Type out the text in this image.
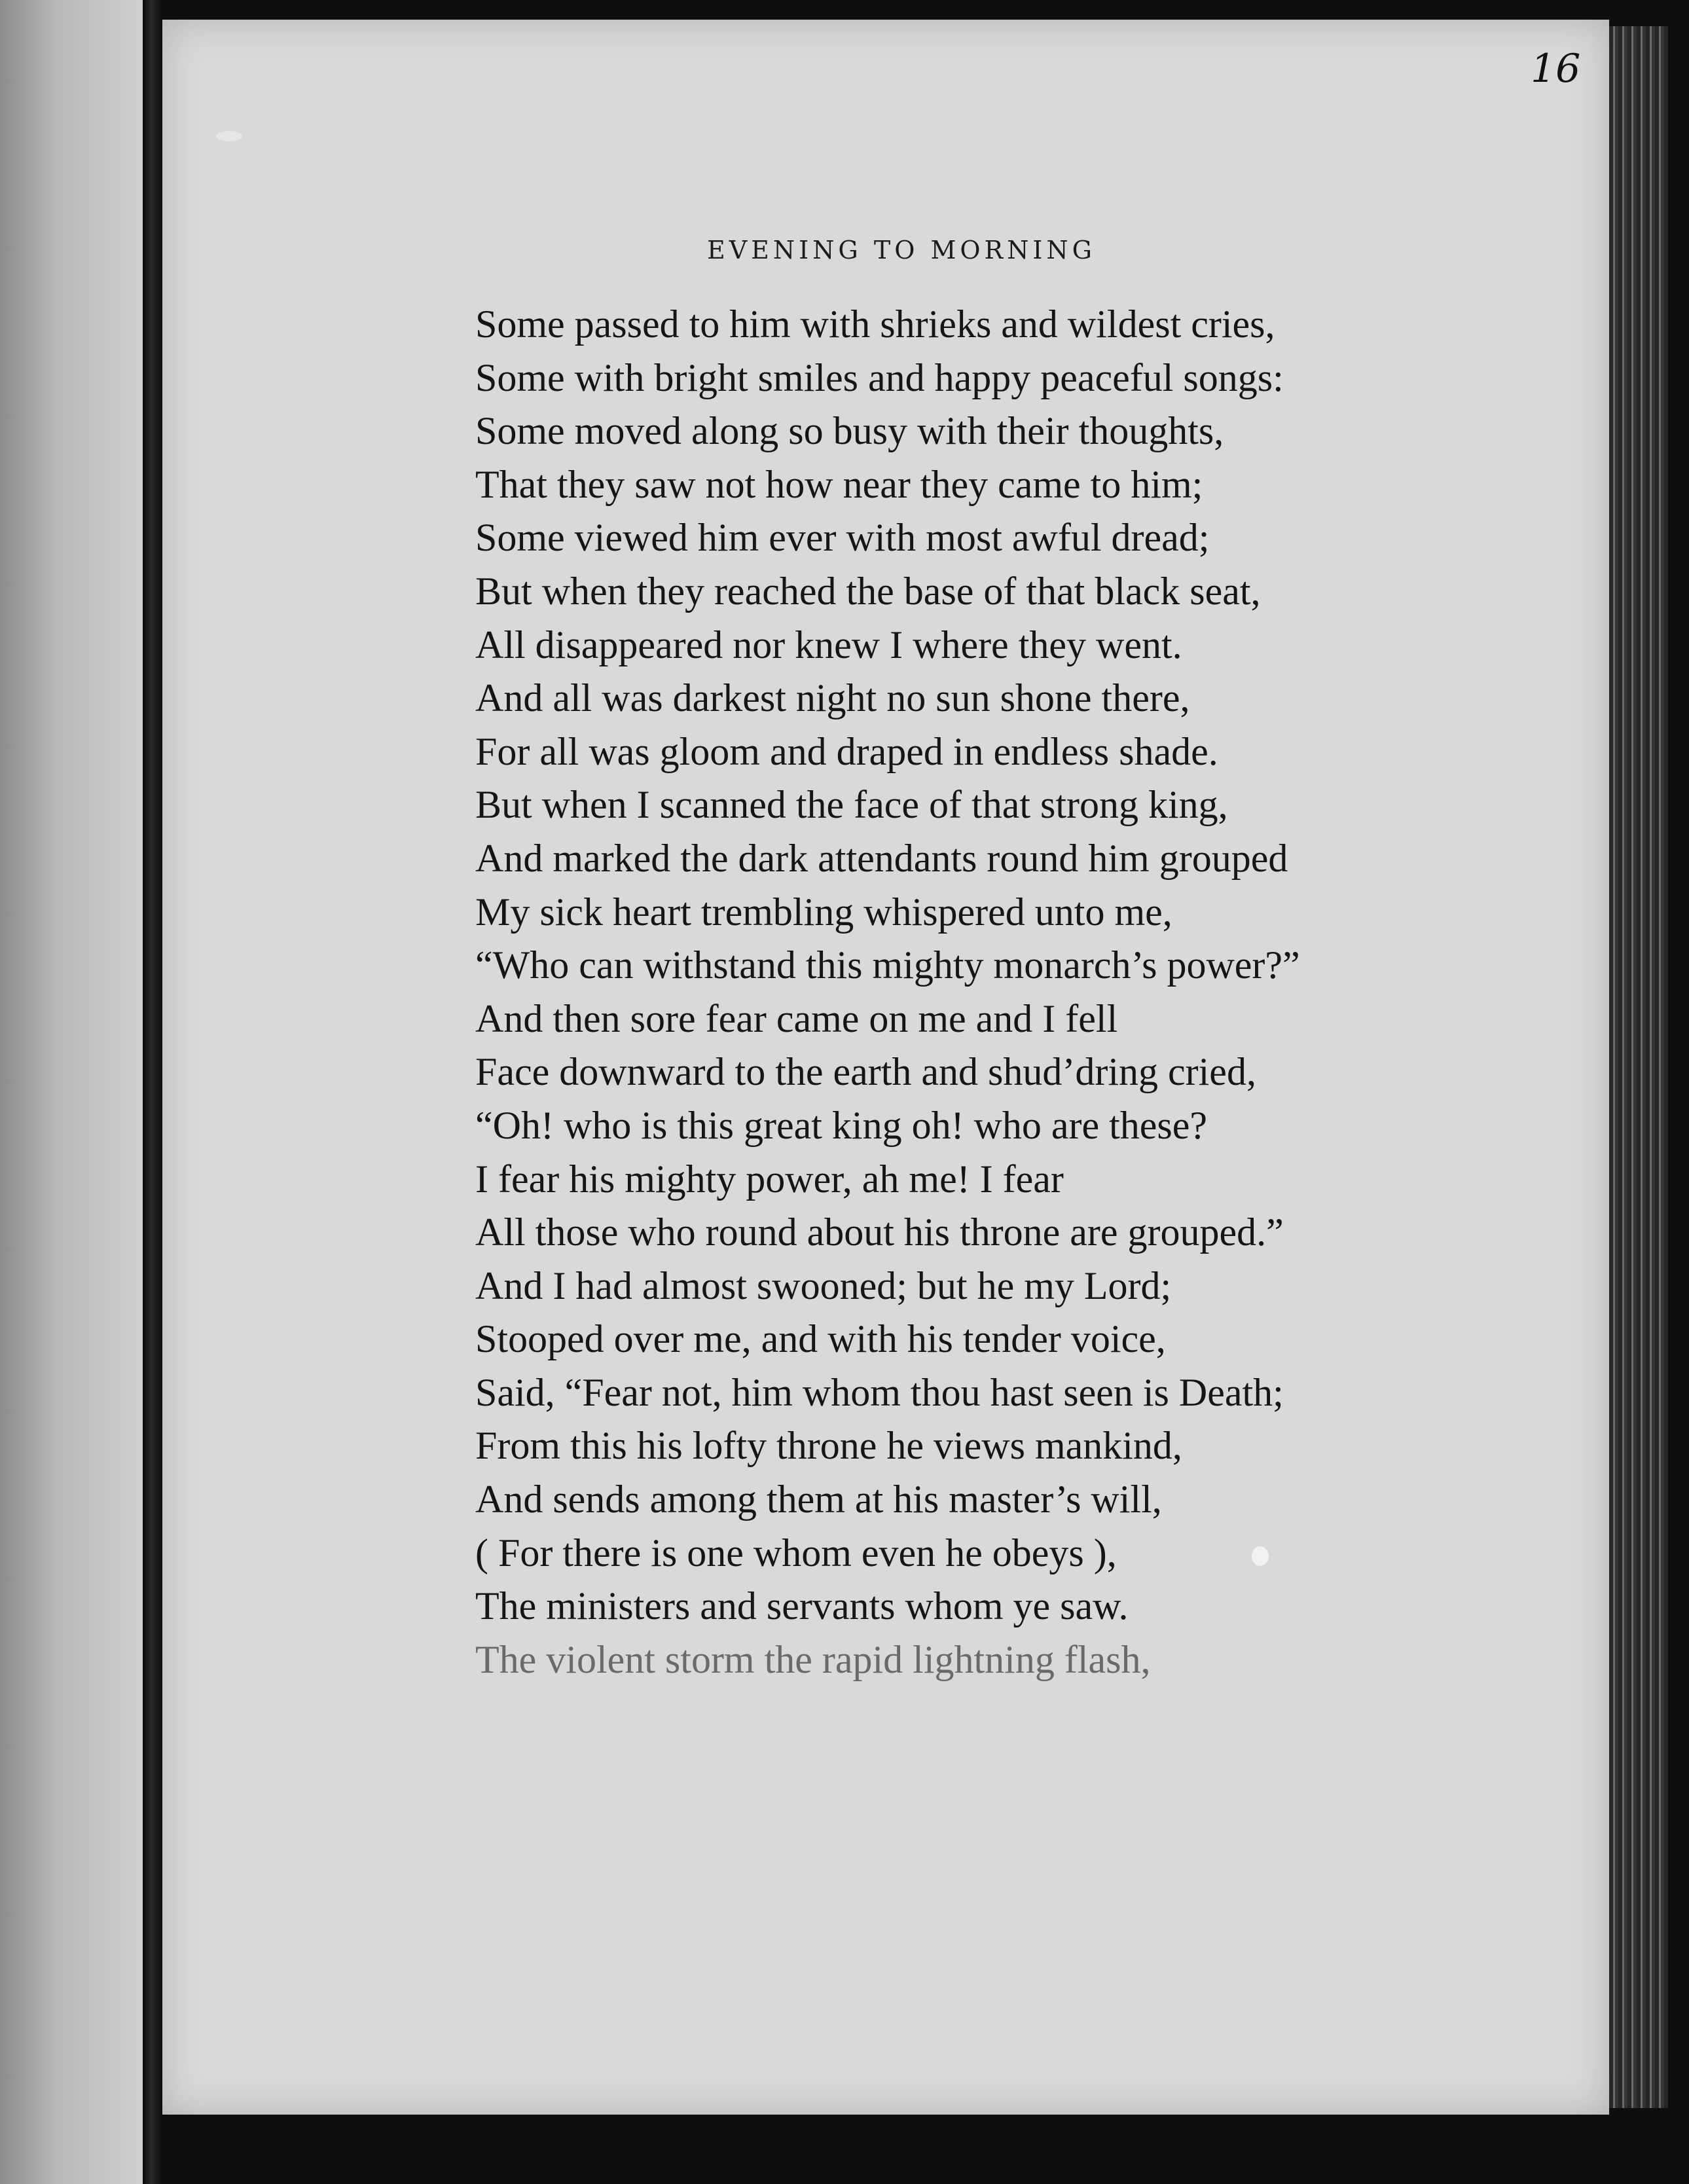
16
EVENING TO MORNING
Some passed to him with shrieks and wildest cries,
Some with bright smiles and happy peaceful songs:
Some moved along so busy with their thoughts,
That they saw not how near they came to him;
Some viewed him ever with most awful dread;
But when they reached the base of that black seat,
All disappeared nor knew I where they went.
And all was darkest night no sun shone there,
For all was gloom and draped in endless shade.
But when I scanned the face of that strong king,
And marked the dark attendants round him grouped
My sick heart trembling whispered unto me,
“Who can withstand this mighty monarch’s power?”
And then sore fear came on me and I fell
Face downward to the earth and shud’dring cried,
“Oh! who is this great king oh! who are these?
I fear his mighty power, ah me! I fear
All those who round about his throne are grouped.”
And I had almost swooned; but he my Lord;
Stooped over me, and with his tender voice,
Said, “Fear not, him whom thou hast seen is Death;
From this his lofty throne he views mankind,
And sends among them at his master’s will,
( For there is one whom even he obeys ),
The ministers and servants whom ye saw.
The violent storm the rapid lightning flash,
